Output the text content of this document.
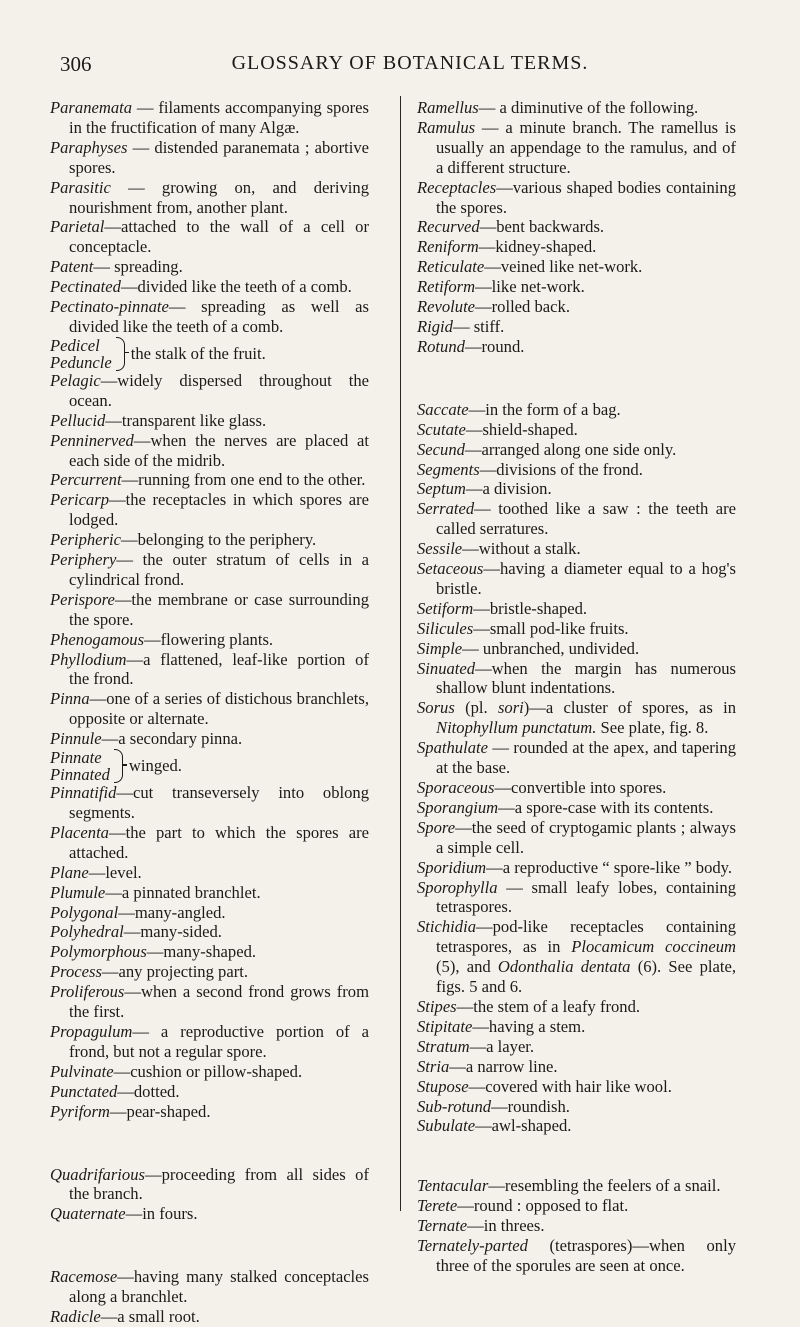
306	GLOSSARY OF BOTANICAL TERMS.

Paranemata — filaments accompanying spores in the fructification of many Algæ.

Paraphyses — distended paranemata ; abortive spores.

Parasitic — growing on, and deriving nourishment from, another plant.

Parietal—attached to the wall of a cell or conceptacle.

Patent— spreading.

Pectinated—divided like the teeth of a comb.

Pectinato-pinnate— spreading as well as divided like the teeth of a comb.

Pedicel
Peduncle the stalk of the fruit.

Pelagic—widely dispersed throughout the ocean.

Pellucid—transparent like glass.

Penninerved—when the nerves are placed at each side of the midrib.

Percurrent—running from one end to the other.

Pericarp—the receptacles in which spores are lodged.

Peripheric—belonging to the periphery.

Periphery— the outer stratum of cells in a cylindrical frond.

Perispore—the membrane or case surrounding the spore.

Phenogamous—flowering plants.

Phyllodium—a flattened, leaf-like portion of the frond.

Pinna—one of a series of distichous branchlets, opposite or alternate.

Pinnule—a secondary pinna.

Pinnate
Pinnated winged.

Pinnatifid—cut transeversely into oblong segments.

Placenta—the part to which the spores are attached.

Plane—level.

Plumule—a pinnated branchlet.

Polygonal—many-angled.

Polyhedral—many-sided.

Polymorphous—many-shaped.

Process—any projecting part.

Proliferous—when a second frond grows from the first.

Propagulum— a reproductive portion of a frond, but not a regular spore.

Pulvinate—cushion or pillow-shaped.

Punctated—dotted.

Pyriform—pear-shaped.

Quadrifarious—proceeding from all sides of the branch.

Quaternate—in fours.

Racemose—having many stalked conceptacles along a branchlet.

Radicle—a small root.

Ramellus— a diminutive of the following.

Ramulus — a minute branch. The ramellus is usually an appendage to the ramulus, and of a different structure.

Receptacles—various shaped bodies containing the spores.

Recurved—bent backwards.

Reniform—kidney-shaped.

Reticulate—veined like net-work.

Retiform—like net-work.

Revolute—rolled back.

Rigid— stiff.

Rotund—round.

Saccate—in the form of a bag.

Scutate—shield-shaped.

Secund—arranged along one side only.

Segments—divisions of the frond.

Septum—a division.

Serrated— toothed like a saw : the teeth are called serratures.

Sessile—without a stalk.

Setaceous—having a diameter equal to a hog's bristle.

Setiform—bristle-shaped.

Silicules—small pod-like fruits.

Simple— unbranched, undivided.

Sinuated—when the margin has numerous shallow blunt indentations.

Sorus (pl. sori)—a cluster of spores, as in Nitophyllum punctatum. See plate, fig. 8.

Spathulate — rounded at the apex, and tapering at the base.

Sporaceous—convertible into spores.

Sporangium—a spore-case with its contents.

Spore—the seed of cryptogamic plants ; always a simple cell.

Sporidium—a reproductive “ spore-like ” body.

Sporophylla — small leafy lobes, containing tetraspores.

Stichidia—pod-like receptacles containing tetraspores, as in Plocamicum coccineum (5), and Odonthalia dentata (6). See plate, figs. 5 and 6.

Stipes—the stem of a leafy frond.

Stipitate—having a stem.

Stratum—a layer.

Stria—a narrow line.

Stupose—covered with hair like wool.

Sub-rotund—roundish.

Subulate—awl-shaped.

Tentacular—resembling the feelers of a snail.

Terete—round : opposed to flat.

Ternate—in threes.

Ternately-parted (tetraspores)—when only three of the sporules are seen at once.
